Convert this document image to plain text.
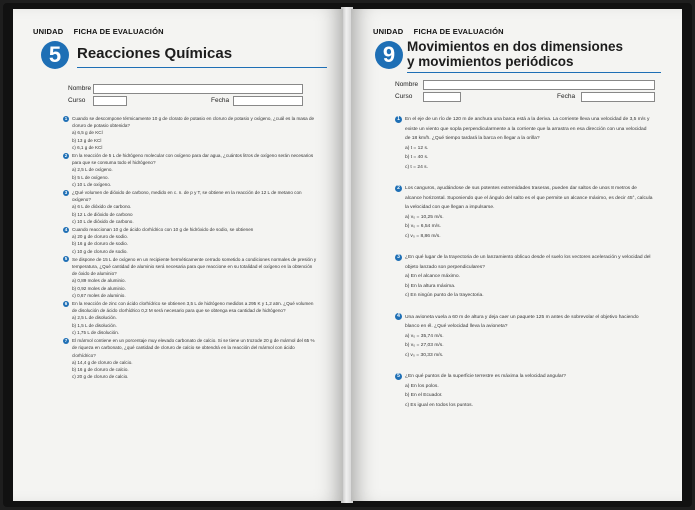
UNIDAD FICHA DE EVALUACIÓN
5	Reacciones Químicas
Nombre
Curso	Fecha
1	Cuando se descompone térmicamente 10 g de clorato de potasio en cloruro de potasio y oxígeno, ¿cuál es la masa de cloruro de potasio obtenida?
a) 6,5 g de KCl
b) 13 g de KCl
c) 6,1 g de KCl
2	En la reacción de 5 L de hidrógeno molecular con oxígeno para dar agua, ¿cuántos litros de oxígeno serán necesarios para que se consuma todo el hidrógeno?
a) 2,5 L de oxígeno.
b) 5 L de oxígeno.
c) 10 L de oxígeno.
3	¿Qué volumen de dióxido de carbono, medido en c. n. de p y T, se obtiene en la reacción de 12 L de metano con oxígeno?
a) 6 L de dióxido de carbono.
b) 12 L de dióxido de carbono
c) 10 L de dióxido de carbono.
4	Cuando reaccionan 10 g de ácido clorhídrico con 10 g de hidróxido de sodio, se obtienen
a) 20 g de cloruro de sodio.
b) 16 g de cloruro de sodio.
c) 10 g de cloruro de sodio.
5	Se dispone de 15 L de oxígeno en un recipiente herméticamente cerrado sometido a condiciones normales de presión y temperatura, ¿Qué cantidad de aluminio será necesaria para que reaccione en su totalidad el oxígeno en la obtención de óxido de aluminio?
a) 0,89 moles de aluminio.
b) 0,92 moles de aluminio.
c) 0,67 moles de aluminio.
6	En la reacción de zinc con ácido clorhídrico se obtienen 3,5 L de hidrógeno medidos a 295 K y 1,2 atm. ¿Qué volumen de disolución de ácido clorhídrico 0,2 M será necesario para que se obtenga esa cantidad de hidrógeno?
a) 2,5 L de disolución.
b) 1,5 L de disolución.
c) 1,75 L de disolución.
7	El mármol contiene en un porcentaje muy elevado carbonato de calcio. Si se tiene un trozode 20 g de mármol del 65 % de riqueza en carbonato, ¿qué cantidad de cloruro de calcio se obtendrá en la reacción del mármol con ácido clorhídrico?
a) 14,4 g de cloruro de calcio.
b) 16 g de cloruro de calcio.
c) 20 g de cloruro de calcio.
UNIDAD FICHA DE EVALUACIÓN
9 Movimientos en dos dimensiones
y movimientos periódicos
Nombre
Curso	Fecha
1	En el eje de un río de 120 m de anchura una barca está a la deriva. La corriente lleva una velocidad de 3,5 m/s y existe un viento que sopla perpendicularmente a la corriente que la arrastra en esa dirección con una velocidad de 18 km/h. ¿Qué tiempo tardará la barca en llegar a la orilla?
a) t = 12 s.
b) t = 40 s.
c) t = 24 s.
2	Los canguros, ayudándose de sus potentes extremidades traseras, pueden dar saltos de unos 8 metros de alcance horizontal. Suponiendo que el ángulo del salto es el que permite un alcance máximo, es decir 45°, calcula la velocidad con que llegan a impulsarse.
a) v₀ = 10,25 m/s.
b) v₀ = 6,54 m/s.
c) v₀ = 8,86 m/s.
3	¿En qué lugar de la trayectoria de un lanzamiento oblicuo desde el suelo los vectores aceleración y velocidad del objeto lanzado son perpendiculares?
a) En el alcance máximo.
b) En la altura máxima.
c) En ningún punto de la trayectoria.
4	Una avioneta vuela a 60 m de altura y deja caer un paquete 125 m antes de sobrevolar el objetivo haciendo blanco en él. ¿Qué velocidad lleva la avioneta?
a) v₀ = 35,74 m/s.
b) v₀ = 27,03 m/s.
c) v₀ = 30,33 m/s.
5	¿En qué puntos de la superficie terrestre es máxima la velocidad angular?
a) En los polos.
b) En el Ecuador.
c) Es igual en todos los puntos.
